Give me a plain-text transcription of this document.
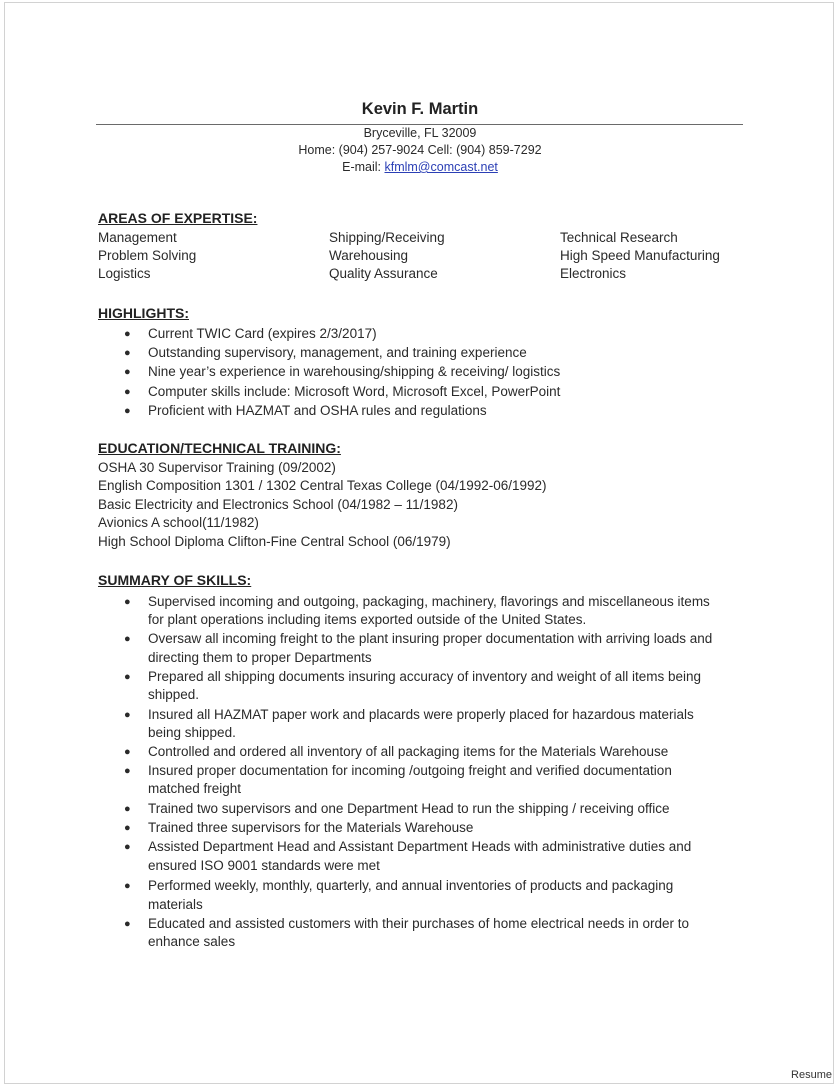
Kevin F. Martin
Bryceville, FL 32009
Home: (904) 257-9024 Cell: (904) 859-7292
E-mail: kfmlm@comcast.net
AREAS OF EXPERTISE:
Management	Shipping/Receiving	Technical Research
Problem Solving	Warehousing	High Speed Manufacturing
Logistics	Quality Assurance	Electronics
HIGHLIGHTS:
● Current TWIC Card (expires 2/3/2017)
● Outstanding supervisory, management, and training experience
● Nine year’s experience in warehousing/shipping & receiving/ logistics
● Computer skills include: Microsoft Word, Microsoft Excel, PowerPoint
● Proficient with HAZMAT and OSHA rules and regulations
EDUCATION/TECHNICAL TRAINING:
OSHA 30 Supervisor Training (09/2002)
English Composition 1301 / 1302 Central Texas College (04/1992-06/1992)
Basic Electricity and Electronics School (04/1982 – 11/1982)
Avionics A school(11/1982)
High School Diploma Clifton-Fine Central School (06/1979)
SUMMARY OF SKILLS:
● Supervised incoming and outgoing, packaging, machinery, flavorings and miscellaneous items
for plant operations including items exported outside of the United States.
● Oversaw all incoming freight to the plant insuring proper documentation with arriving loads and
directing them to proper Departments
● Prepared all shipping documents insuring accuracy of inventory and weight of all items being
shipped.
● Insured all HAZMAT paper work and placards were properly placed for hazardous materials
being shipped.
● Controlled and ordered all inventory of all packaging items for the Materials Warehouse
● Insured proper documentation for incoming /outgoing freight and verified documentation
matched freight
● Trained two supervisors and one Department Head to run the shipping / receiving office
● Trained three supervisors for the Materials Warehouse
● Assisted Department Head and Assistant Department Heads with administrative duties and
ensured ISO 9001 standards were met
● Performed weekly, monthly, quarterly, and annual inventories of products and packaging
materials
● Educated and assisted customers with their purchases of home electrical needs in order to
enhance sales
Resume
